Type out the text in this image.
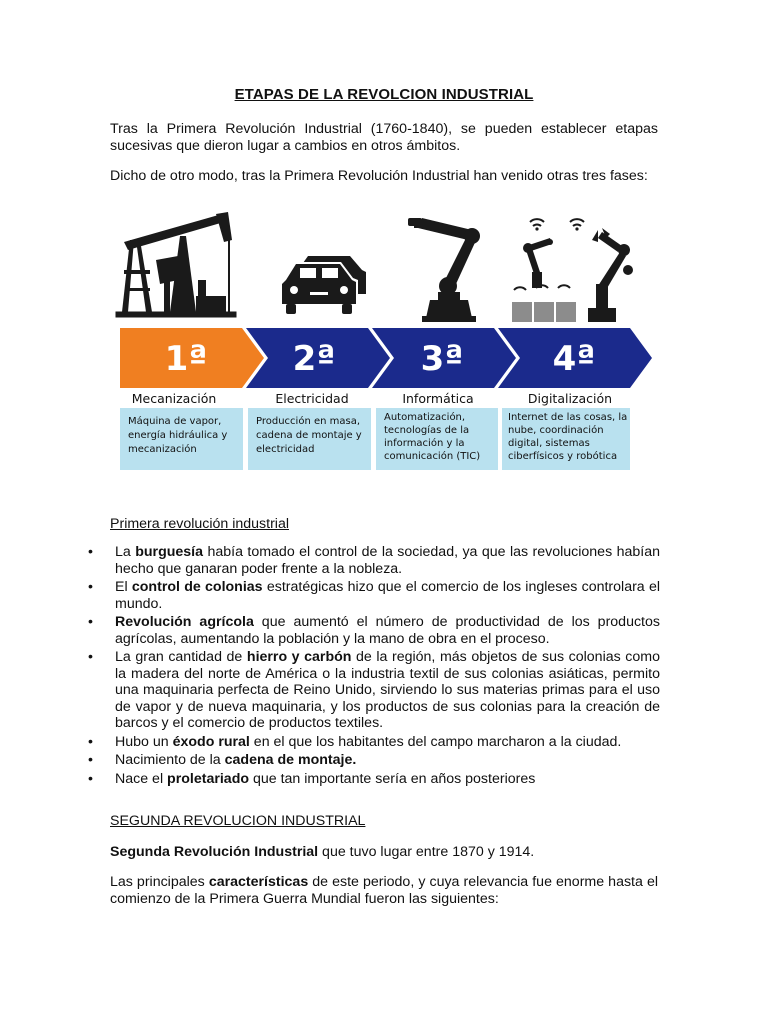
ETAPAS DE LA REVOLCION INDUSTRIAL
Tras la Primera Revolución Industrial (1760-1840), se pueden establecer etapas sucesivas que dieron lugar a cambios en otros ámbitos.
Dicho de otro modo, tras la Primera Revolución Industrial han venido otras tres fases:
1ª	2ª	3ª	4ª
Mecanización	Electricidad	Informática	Digitalización
Máquina de vapor, energía hidráulica y mecanización
Producción en masa, cadena de montaje y electricidad
Automatización, tecnologías de la información y la comunicación (TIC)
Internet de las cosas, la nube, coordinación digital, sistemas ciberfísicos y robótica
Primera revolución industrial
• La burguesía había tomado el control de la sociedad, ya que las revoluciones habían hecho que ganaran poder frente a la nobleza.
• El control de colonias estratégicas hizo que el comercio de los ingleses controlara el mundo.
• Revolución agrícola que aumentó el número de productividad de los productos agrícolas, aumentando la población y la mano de obra en el proceso.
• La gran cantidad de hierro y carbón de la región, más objetos de sus colonias como la madera del norte de América o la industria textil de sus colonias asiáticas, permito una maquinaria perfecta de Reino Unido, sirviendo lo sus materias primas para el uso de vapor y de nueva maquinaria, y los productos de sus colonias para la creación de barcos y el comercio de productos textiles.
• Hubo un éxodo rural en el que los habitantes del campo marcharon a la ciudad.
• Nacimiento de la cadena de montaje.
• Nace el proletariado que tan importante sería en años posteriores
SEGUNDA REVOLUCION INDUSTRIAL
Segunda Revolución Industrial que tuvo lugar entre 1870 y 1914.
Las principales características de este periodo, y cuya relevancia fue enorme hasta el comienzo de la Primera Guerra Mundial fueron las siguientes:
